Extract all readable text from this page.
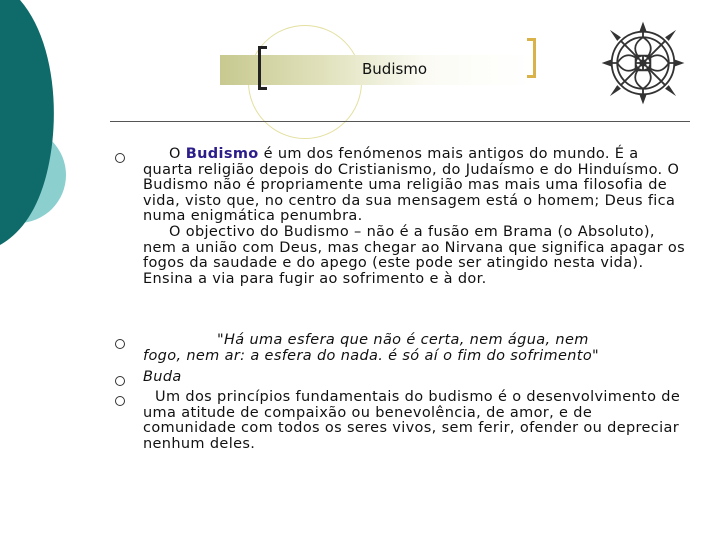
Budismo

O Budismo é um dos fenómenos mais antigos do mundo. É a quarta religião depois do Cristianismo, do Judaísmo e do Hinduísmo. O Budismo não é propriamente uma religião mas mais uma filosofia de vida, visto que, no centro da sua mensagem está o homem; Deus fica numa enigmática penumbra.
O objectivo do Budismo – não é a fusão em Brama (o Absoluto), nem a união com Deus, mas chegar ao Nirvana que significa apagar os fogos da saudade e do apego (este pode ser atingido nesta vida). Ensina a via para fugir ao sofrimento e à dor.

"Há uma esfera que não é certa, nem água, nem
fogo, nem ar: a esfera do nada. é só aí o fim do sofrimento"

Buda

Um dos princípios fundamentais do budismo é o desenvolvimento de uma atitude de compaixão ou benevolência, de amor, e de comunidade com todos os seres vivos, sem ferir, ofender ou depreciar nenhum deles.
